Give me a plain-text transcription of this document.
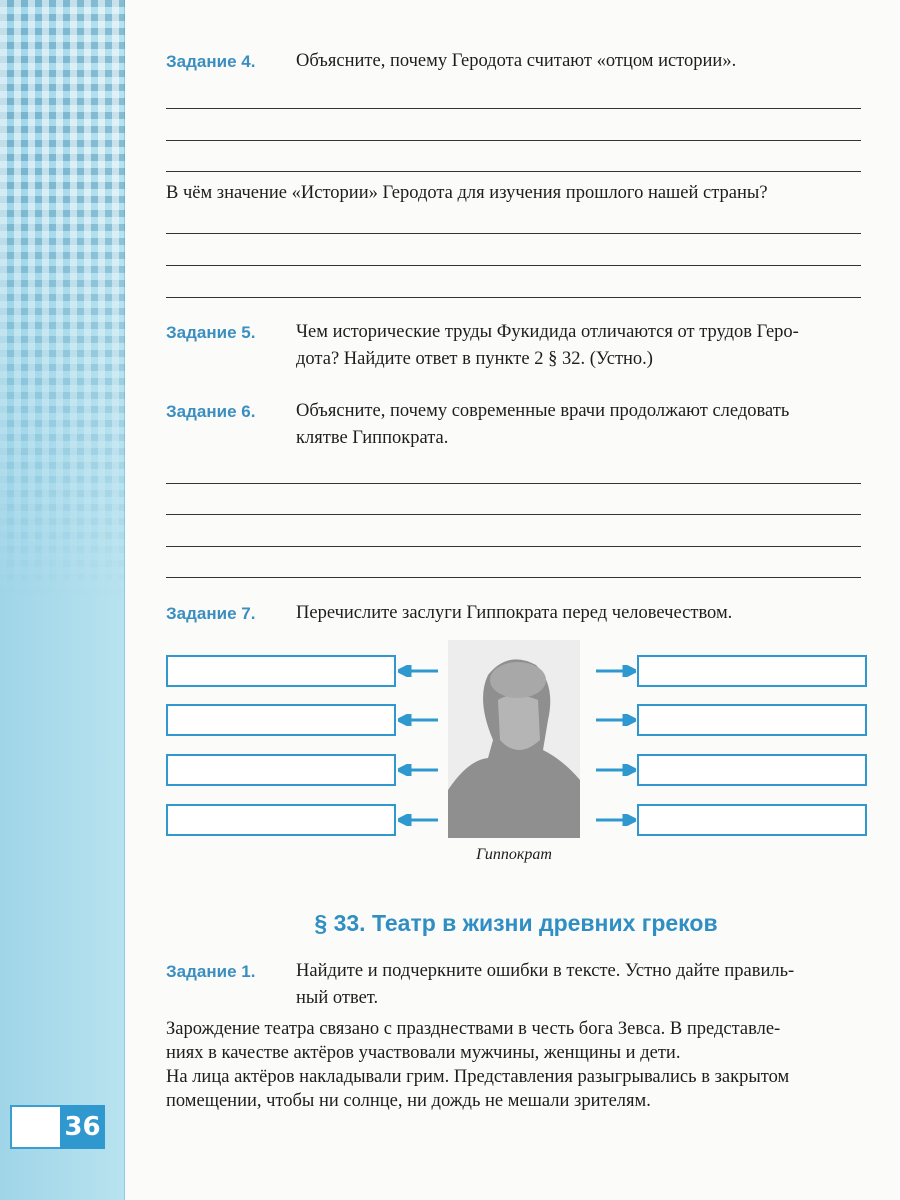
36
Задание 4. Объясните, почему Геродота считают «отцом истории».
В чём значение «Истории» Геродота для изучения прошлого нашей страны?
Задание 5. Чем исторические труды Фукидида отличаются от трудов Геро-
дота? Найдите ответ в пункте 2 § 32. (Устно.)
Задание 6. Объясните, почему современные врачи продолжают следовать
клятве Гиппократа.
Задание 7. Перечислите заслуги Гиппократа перед человечеством.
Гиппократ
§ 33. Театр в жизни древних греков
Задание 1. Найдите и подчеркните ошибки в тексте. Устно дайте правиль-
ный ответ.
Зарождение театра связано с празднествами в честь бога Зевса. В представле-
ниях в качестве актёров участвовали мужчины, женщины и дети.
На лица актёров накладывали грим. Представления разыгрывались в закрытом
помещении, чтобы ни солнце, ни дождь не мешали зрителям.
